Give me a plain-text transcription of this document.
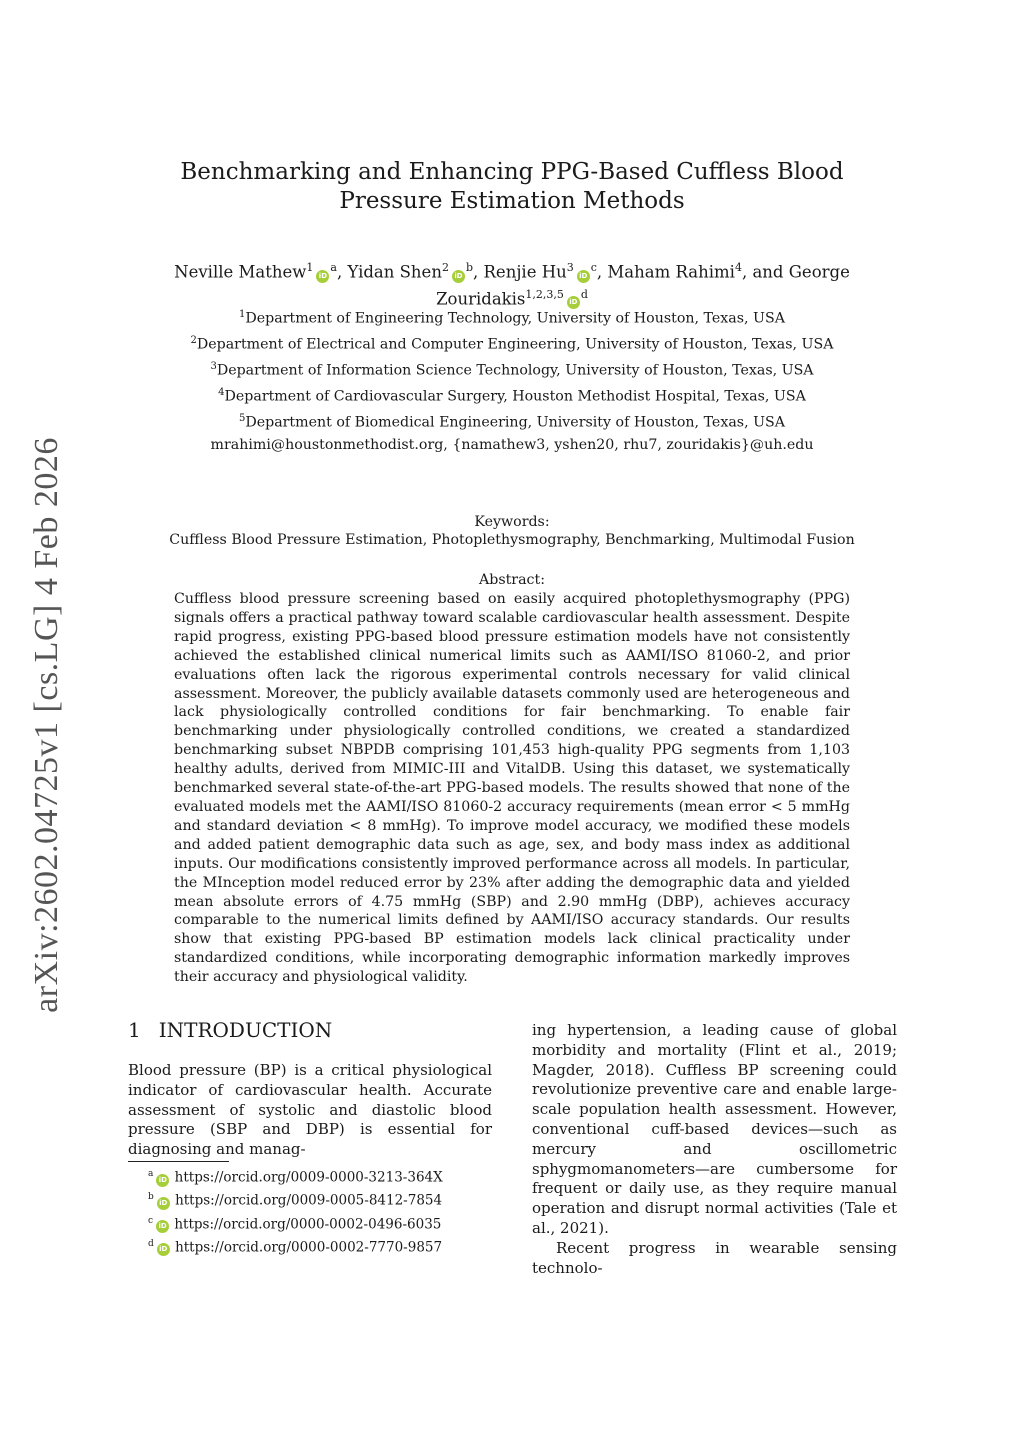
arXiv:2602.04725v1 [cs.LG] 4 Feb 2026
Benchmarking and Enhancing PPG-Based Cuffless Blood Pressure Estimation Methods
Neville $Mathew^1iD^a$, Yidan $Shen^2iD^b$, Renjie $Hu^3iD^c$, Maham Rahimi$^4$, and George $Zouridakis^{1,2,3,5}iD^d$
$^1$Department of Engineering Technology, University of Houston, Texas, USA
$^2$Department of Electrical and Computer Engineering, University of Houston, Texas, USA
$^3$Department of Information Science Technology, University of Houston, Texas, USA
$^4$Department of Cardiovascular Surgery, Houston Methodist Hospital, Texas, USA
$^5$Department of Biomedical Engineering, University of Houston, Texas, USA
mrahimi@houstonmethodist.org, {namathew3, yshen20, rhu7, zouridakis}@uh.edu
Keywords:
Cuffless Blood Pressure Estimation, Photoplethysmography, Benchmarking, Multimodal Fusion
Abstract:
Cuffless blood pressure screening based on easily acquired photoplethysmography (PPG) signals offers a practical pathway toward scalable cardiovascular health assessment. Despite rapid progress, existing PPG-based blood pressure estimation models have not consistently achieved the established clinical numerical limits such as AAMI/ISO 81060-2, and prior evaluations often lack the rigorous experimental controls necessary for valid clinical assessment. Moreover, the publicly available datasets commonly used are heterogeneous and lack physiologically controlled conditions for fair benchmarking. To enable fair benchmarking under physiologically controlled conditions, we created a standardized benchmarking subset NBPDB comprising 101,453 high-quality PPG segments from 1,103 healthy adults, derived from MIMIC-III and VitalDB. Using this dataset, we systematically benchmarked several state-of-the-art PPG-based models. The results showed that none of the evaluated models met the AAMI/ISO 81060-2 accuracy requirements (mean error < 5 mmHg and standard deviation < 8 mmHg). To improve model accuracy, we modified these models and added patient demographic data such as age, sex, and body mass index as additional inputs. Our modifications consistently improved performance across all models. In particular, the MInception model reduced error by 23% after adding the demographic data and yielded mean absolute errors of 4.75 mmHg (SBP) and 2.90 mmHg (DBP), achieves accuracy comparable to the numerical limits defined by AAMI/ISO accuracy standards. Our results show that existing PPG-based BP estimation models lack clinical practicality under standardized conditions, while incorporating demographic information markedly improves their accuracy and physiological validity.
1 INTRODUCTION
Blood pressure (BP) is a critical physiological indicator of cardiovascular health. Accurate assessment of systolic and diastolic blood pressure (SBP and DBP) is essential for diagnosing and manag-
$^a$iD https://orcid.org/0009-0000-3213-364X
$^b$iD https://orcid.org/0009-0005-8412-7854
$^c$iD https://orcid.org/0000-0002-0496-6035
$^d$iD https://orcid.org/0000-0002-7770-9857

ing hypertension, a leading cause of global morbidity and mortality (Flint et al., 2019; Magder, 2018). Cuffless BP screening could revolutionize preventive care and enable large-scale population health assessment. However, conventional cuff-based devices—such as mercury and oscillometric sphygmomanometers—are cumbersome for frequent or daily use, as they require manual operation and disrupt normal activities (Tale et al., 2021).

Recent progress in wearable sensing technolo-
